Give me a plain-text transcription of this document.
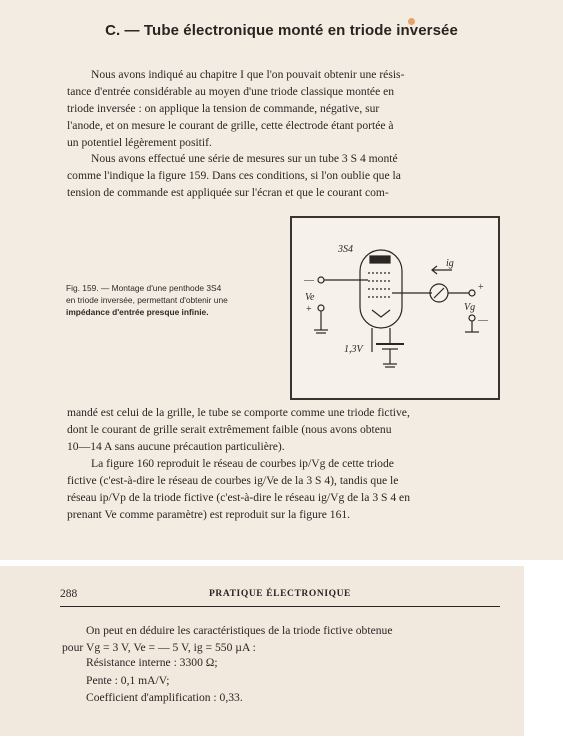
C. — Tube électronique monté en triode inversée

Nous avons indiqué au chapitre I que l'on pouvait obtenir une résis-
tance d'entrée considérable au moyen d'une triode classique montée en
triode inversée : on applique la tension de commande, négative, sur
l'anode, et on mesure le courant de grille, cette électrode étant portée à
un potentiel légèrement positif.

Nous avons effectué une série de mesures sur un tube 3 S 4 monté
comme l'indique la figure 159. Dans ces conditions, si l'on oublie que la
tension de commande est appliquée sur l'écran et que le courant com-

Fig. 159. — Montage d'une penthode 3S4
en triode inversée, permettant d'obtenir une
impédance d'entrée presque infinie.
3S4
1,3V
Ve
Vg
ig
—
+
+
—

mandé est celui de la grille, le tube se comporte comme une triode fictive,
dont le courant de grille serait extrêmement faible (nous avons obtenu
10—14 A sans aucune précaution particulière).

La figure 160 reproduit le réseau de courbes ip/Vg de cette triode
fictive (c'est-à-dire le réseau de courbes ig/Ve de la 3 S 4), tandis que le
réseau ip/Vp de la triode fictive (c'est-à-dire le réseau ig/Vg de la 3 S 4 en
prenant Ve comme paramètre) est reproduit sur la figure 161.

288	PRATIQUE ÉLECTRONIQUE

On peut en déduire les caractéristiques de la triode fictive obtenue
pour Vg = 3 V, Ve = — 5 V, ig = 550 µA :

Résistance interne : 3300 Ω;
Pente : 0,1 mA/V;
Coefficient d'amplification : 0,33.
